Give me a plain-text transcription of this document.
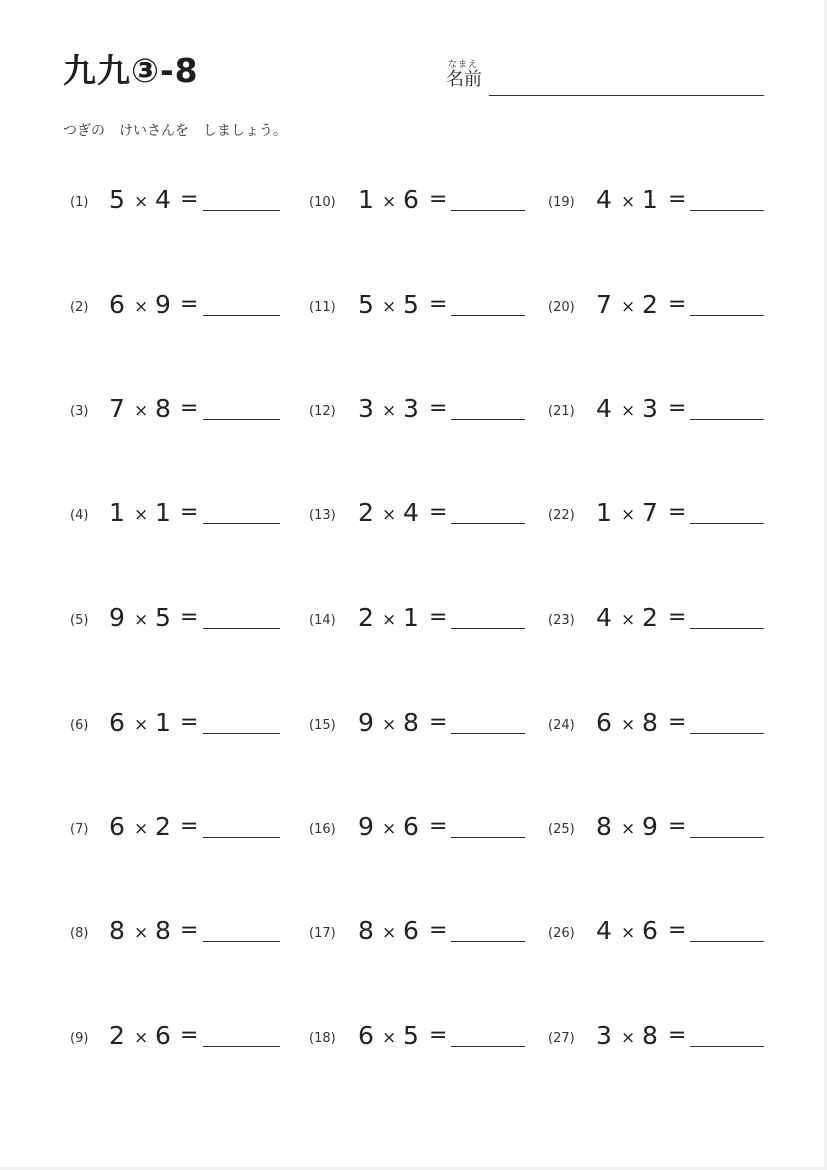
九九③-8	なまえ
名前
つぎの　けいさんを　しましょう。
(1) 5 × 4 =
(2) 6 × 9 =
(3) 7 × 8 =
(4) 1 × 1 =
(5) 9 × 5 =
(6) 6 × 1 =
(7) 6 × 2 =
(8) 8 × 8 =
(9) 2 × 6 =
(10) 1 × 6 =
(11) 5 × 5 =
(12) 3 × 3 =
(13) 2 × 4 =
(14) 2 × 1 =
(15) 9 × 8 =
(16) 9 × 6 =
(17) 8 × 6 =
(18) 6 × 5 =
(19) 4 × 1 =
(20) 7 × 2 =
(21) 4 × 3 =
(22) 1 × 7 =
(23) 4 × 2 =
(24) 6 × 8 =
(25) 8 × 9 =
(26) 4 × 6 =
(27) 3 × 8 =
